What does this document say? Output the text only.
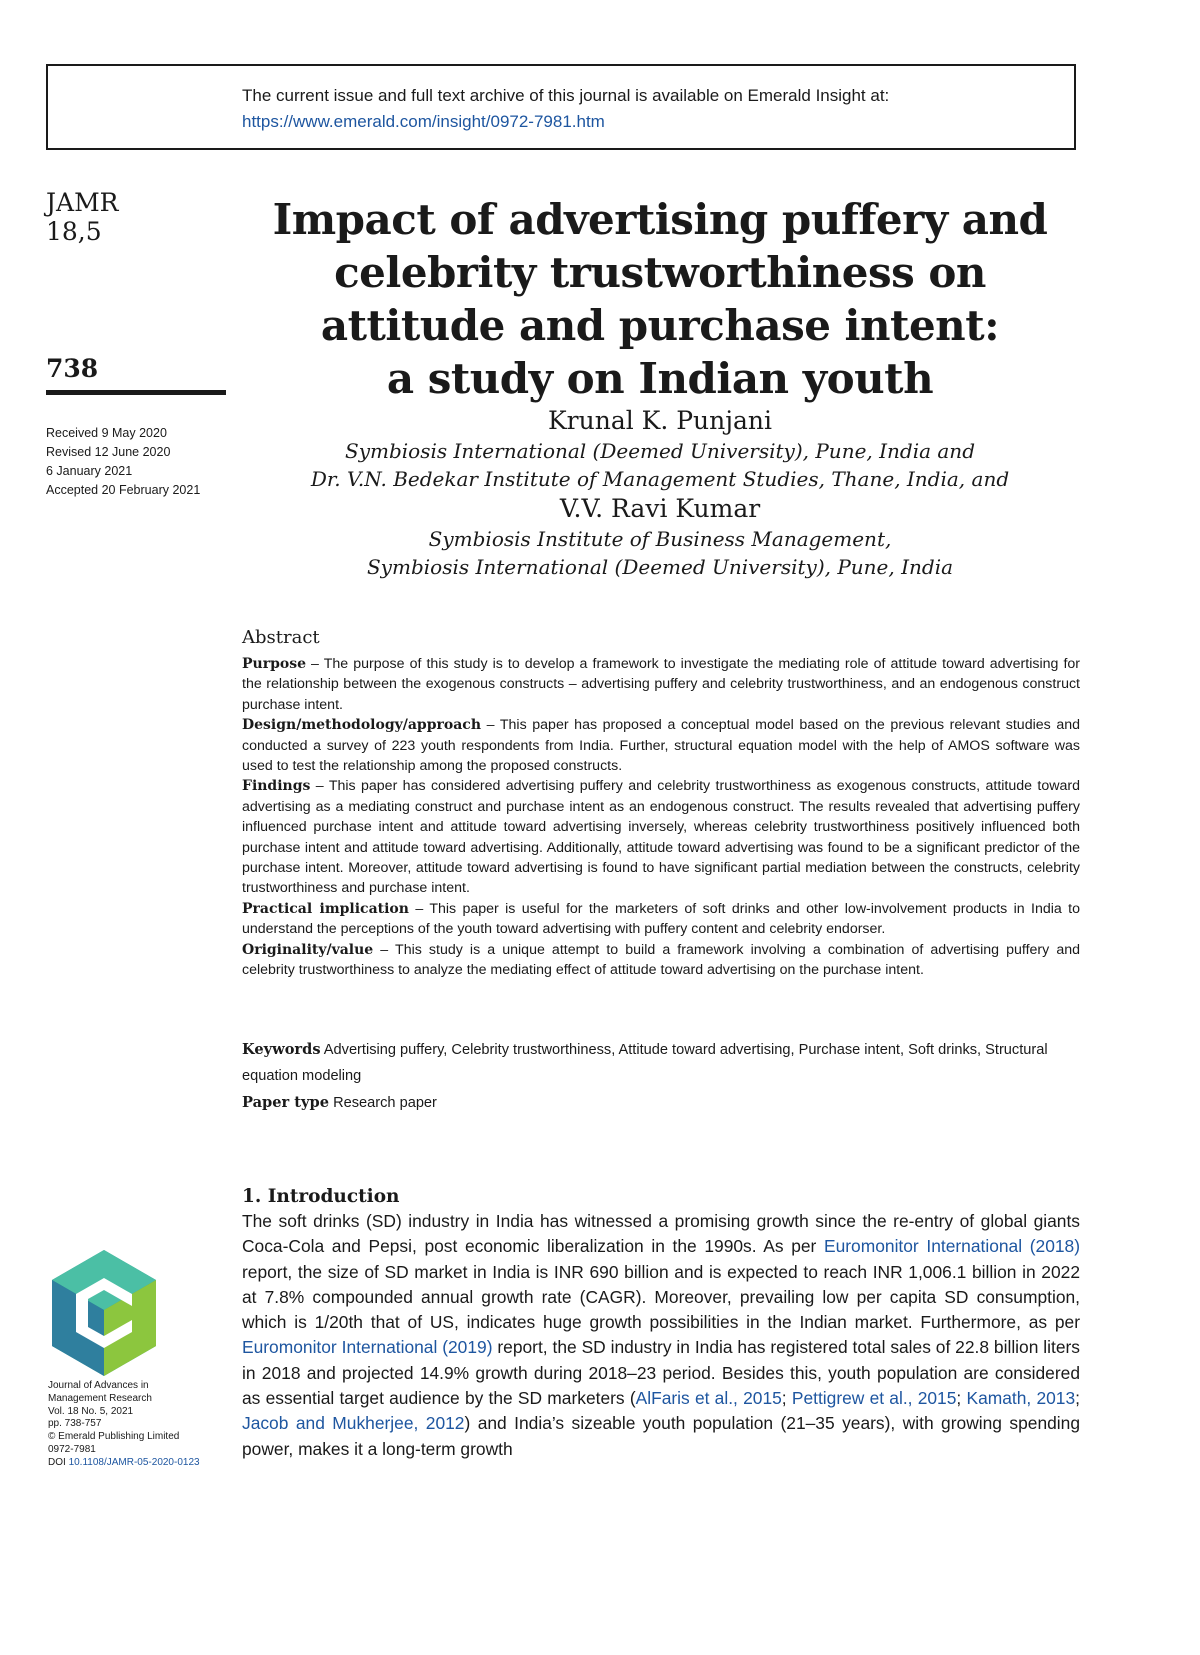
The current issue and full text archive of this journal is available on Emerald Insight at:
https://www.emerald.com/insight/0972-7981.htm
JAMR
18,5
738
Received 9 May 2020
Revised 12 June 2020
6 January 2021
Accepted 20 February 2021
Impact of advertising puffery and
celebrity trustworthiness on
attitude and purchase intent:
a study on Indian youth
Krunal K. Punjani
Symbiosis International (Deemed University), Pune, India and
Dr. V.N. Bedekar Institute of Management Studies, Thane, India, and
V.V. Ravi Kumar
Symbiosis Institute of Business Management,
Symbiosis International (Deemed University), Pune, India
Abstract

Purpose – The purpose of this study is to develop a framework to investigate the mediating role of attitude toward advertising for the relationship between the exogenous constructs – advertising puffery and celebrity trustworthiness, and an endogenous construct purchase intent.

Design/methodology/approach – This paper has proposed a conceptual model based on the previous relevant studies and conducted a survey of 223 youth respondents from India. Further, structural equation model with the help of AMOS software was used to test the relationship among the proposed constructs.

Findings – This paper has considered advertising puffery and celebrity trustworthiness as exogenous constructs, attitude toward advertising as a mediating construct and purchase intent as an endogenous construct. The results revealed that advertising puffery influenced purchase intent and attitude toward advertising inversely, whereas celebrity trustworthiness positively influenced both purchase intent and attitude toward advertising. Additionally, attitude toward advertising was found to be a significant predictor of the purchase intent. Moreover, attitude toward advertising is found to have significant partial mediation between the constructs, celebrity trustworthiness and purchase intent.

Practical implication – This paper is useful for the marketers of soft drinks and other low-involvement products in India to understand the perceptions of the youth toward advertising with puffery content and celebrity endorser.

Originality/value – This study is a unique attempt to build a framework involving a combination of advertising puffery and celebrity trustworthiness to analyze the mediating effect of attitude toward advertising on the purchase intent.

Keywords Advertising puffery, Celebrity trustworthiness, Attitude toward advertising, Purchase intent, Soft drinks, Structural equation modeling
Paper type Research paper
1. Introduction
The soft drinks (SD) industry in India has witnessed a promising growth since the re-entry of global giants Coca-Cola and Pepsi, post economic liberalization in the 1990s. As per Euromonitor International (2018) report, the size of SD market in India is INR 690 billion and is expected to reach INR 1,006.1 billion in 2022 at 7.8% compounded annual growth rate (CAGR). Moreover, prevailing low per capita SD consumption, which is 1/20th that of US, indicates huge growth possibilities in the Indian market. Furthermore, as per Euromonitor International (2019) report, the SD industry in India has registered total sales of 22.8 billion liters in 2018 and projected 14.9% growth during 2018–23 period. Besides this, youth population are considered as essential target audience by the SD marketers (AlFaris et al., 2015; Pettigrew et al., 2015; Kamath, 2013; Jacob and Mukherjee, 2012) and India’s sizeable youth population (21–35 years), with growing spending power, makes it a long-term growth
Journal of Advances in
Management Research
Vol. 18 No. 5, 2021
pp. 738-757
© Emerald Publishing Limited
0972-7981
DOI 10.1108/JAMR-05-2020-0123
